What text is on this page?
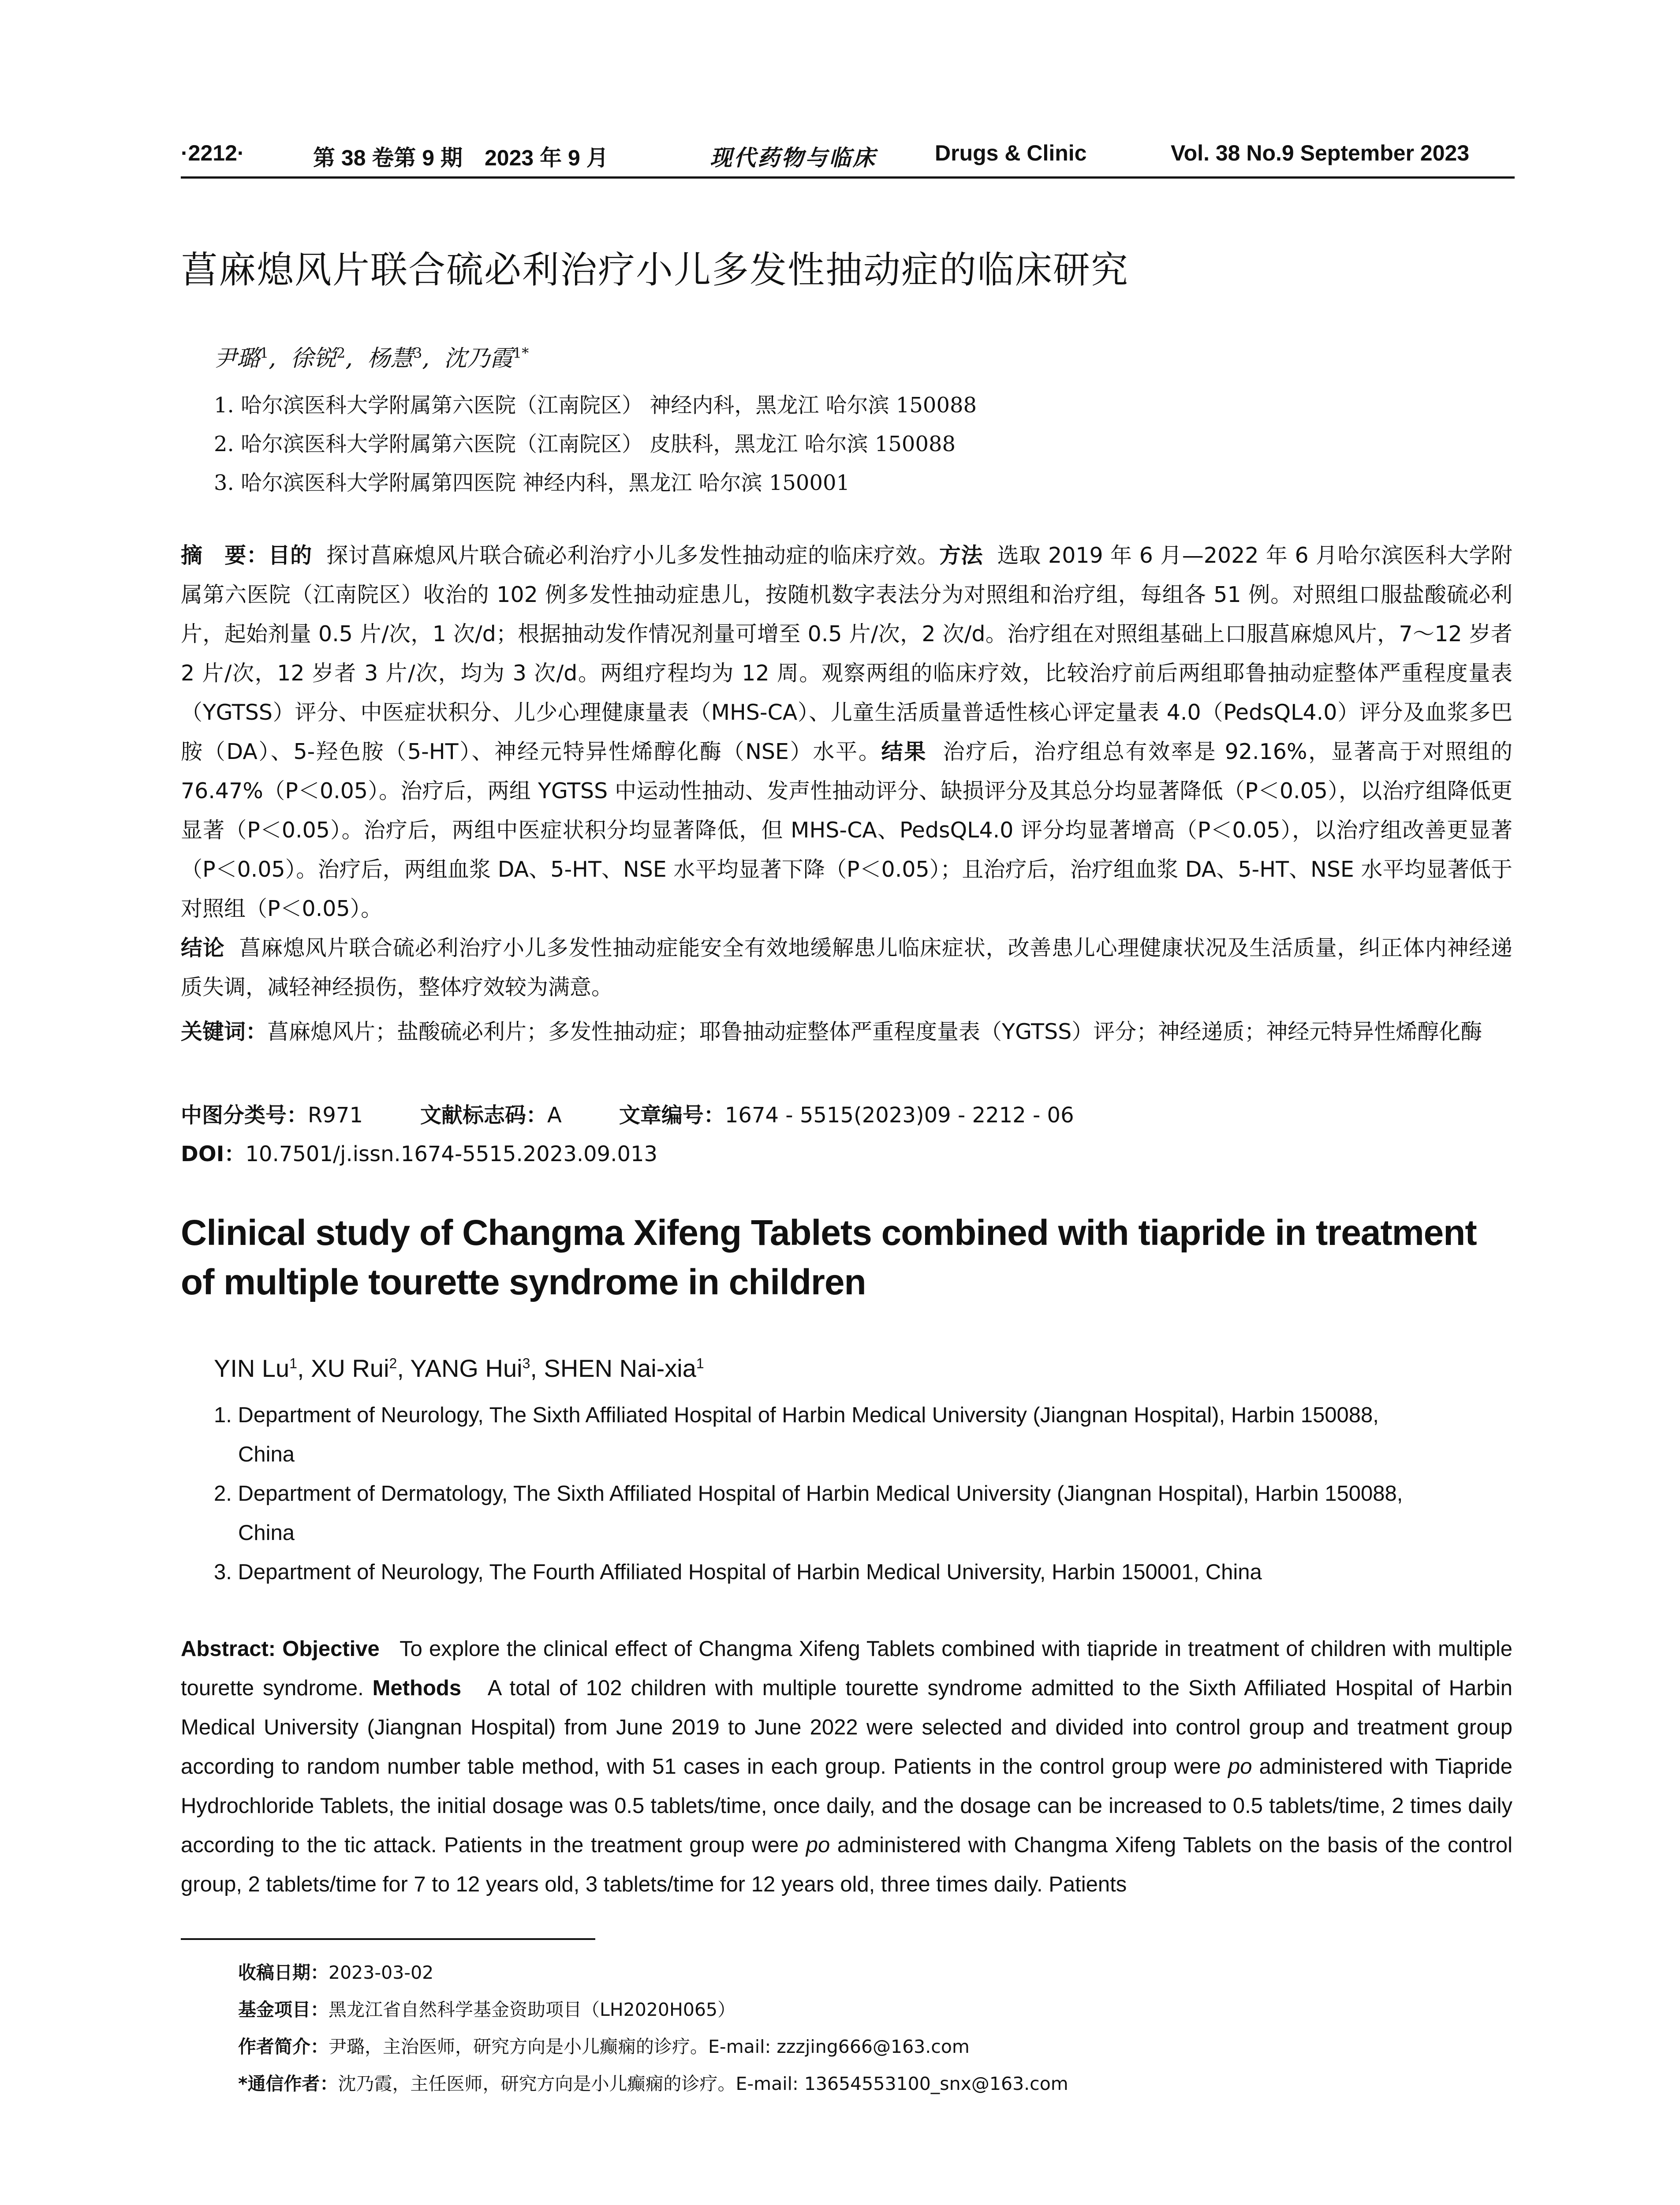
·2212·	第 38 卷第 9 期　2023 年 9 月	现代药物与临床	Drugs & Clinic	Vol. 38 No.9 September 2023
菖麻熄风片联合硫必利治疗小儿多发性抽动症的临床研究
尹璐$^1$,  徐锐$^2$,  杨慧$^3$,  沈乃霞$^{1*}$
1. 哈尔滨医科大学附属第六医院（江南院区） 神经内科，黑龙江 哈尔滨 150088
2. 哈尔滨医科大学附属第六医院（江南院区） 皮肤科，黑龙江 哈尔滨 150088
3. 哈尔滨医科大学附属第四医院 神经内科，黑龙江 哈尔滨 150001
摘　要：目的 探讨菖麻熄风片联合硫必利治疗小儿多发性抽动症的临床疗效。方法 选取 2019 年 6 月—2022 年 6 月哈尔滨医科大学附属第六医院（江南院区）收治的 102 例多发性抽动症患儿，按随机数字表法分为对照组和治疗组，每组各 51 例。对照组口服盐酸硫必利片，起始剂量 0.5 片/次，1 次/d；根据抽动发作情况剂量可增至 0.5 片/次，2 次/d。治疗组在对照组基础上口服菖麻熄风片，7～12 岁者 2 片/次，12 岁者 3 片/次，均为 3 次/d。两组疗程均为 12 周。观察两组的临床疗效，比较治疗前后两组耶鲁抽动症整体严重程度量表（YGTSS）评分、中医症状积分、儿少心理健康量表（MHS-CA）、儿童生活质量普适性核心评定量表 4.0（PedsQL4.0）评分及血浆多巴胺（DA）、5-羟色胺（5-HT）、神经元特异性烯醇化酶（NSE）水平。结果 治疗后，治疗组总有效率是 92.16%，显著高于对照组的 76.47%（P＜0.05）。治疗后，两组 YGTSS 中运动性抽动、发声性抽动评分、缺损评分及其总分均显著降低（P＜0.05），以治疗组降低更显著（P＜0.05）。治疗后，两组中医症状积分均显著降低，但 MHS-CA、PedsQL4.0 评分均显著增高（P＜0.05），以治疗组改善更显著（P＜0.05）。治疗后，两组血浆 DA、5-HT、NSE 水平均显著下降（P＜0.05）；且治疗后，治疗组血浆 DA、5-HT、NSE 水平均显著低于对照组（P＜0.05）。
结论 菖麻熄风片联合硫必利治疗小儿多发性抽动症能安全有效地缓解患儿临床症状，改善患儿心理健康状况及生活质量，纠正体内神经递质失调，减轻神经损伤，整体疗效较为满意。
关键词：菖麻熄风片；盐酸硫必利片；多发性抽动症；耶鲁抽动症整体严重程度量表（YGTSS）评分；神经递质；神经元特异性烯醇化酶
中图分类号：R971	文献标志码：A	文章编号：1674 - 5515(2023)09 - 2212 - 06
DOI：10.7501/j.issn.1674-5515.2023.09.013
Clinical study of Changma Xifeng Tablets combined with tiapride in treatment of multiple tourette syndrome in children
YIN Lu$^1$, XU Rui$^2$, YANG Hui$^3$, SHEN Nai-xia$^1$
1. Department of Neurology, The Sixth Affiliated Hospital of Harbin Medical University (Jiangnan Hospital), Harbin 150088,
China
2. Department of Dermatology, The Sixth Affiliated Hospital of Harbin Medical University (Jiangnan Hospital), Harbin 150088,
China
3. Department of Neurology, The Fourth Affiliated Hospital of Harbin Medical University, Harbin 150001, China
Abstract: Objective To explore the clinical effect of Changma Xifeng Tablets combined with tiapride in treatment of children with multiple tourette syndrome. Methods A total of 102 children with multiple tourette syndrome admitted to the Sixth Affiliated Hospital of Harbin Medical University (Jiangnan Hospital) from June 2019 to June 2022 were selected and divided into control group and treatment group according to random number table method, with 51 cases in each group. Patients in the control group were po administered with Tiapride Hydrochloride Tablets, the initial dosage was 0.5 tablets/time, once daily, and the dosage can be increased to 0.5 tablets/time, 2 times daily according to the tic attack. Patients in the treatment group were po administered with Changma Xifeng Tablets on the basis of the control group, 2 tablets/time for 7 to 12 years old, 3 tablets/time for 12 years old, three times daily. Patients
收稿日期：2023-03-02
基金项目：黑龙江省自然科学基金资助项目（LH2020H065）
作者简介：尹璐，主治医师，研究方向是小儿癫痫的诊疗。E-mail: zzzjing666@163.com
*通信作者：沈乃霞，主任医师，研究方向是小儿癫痫的诊疗。E-mail: 13654553100_snx@163.com
